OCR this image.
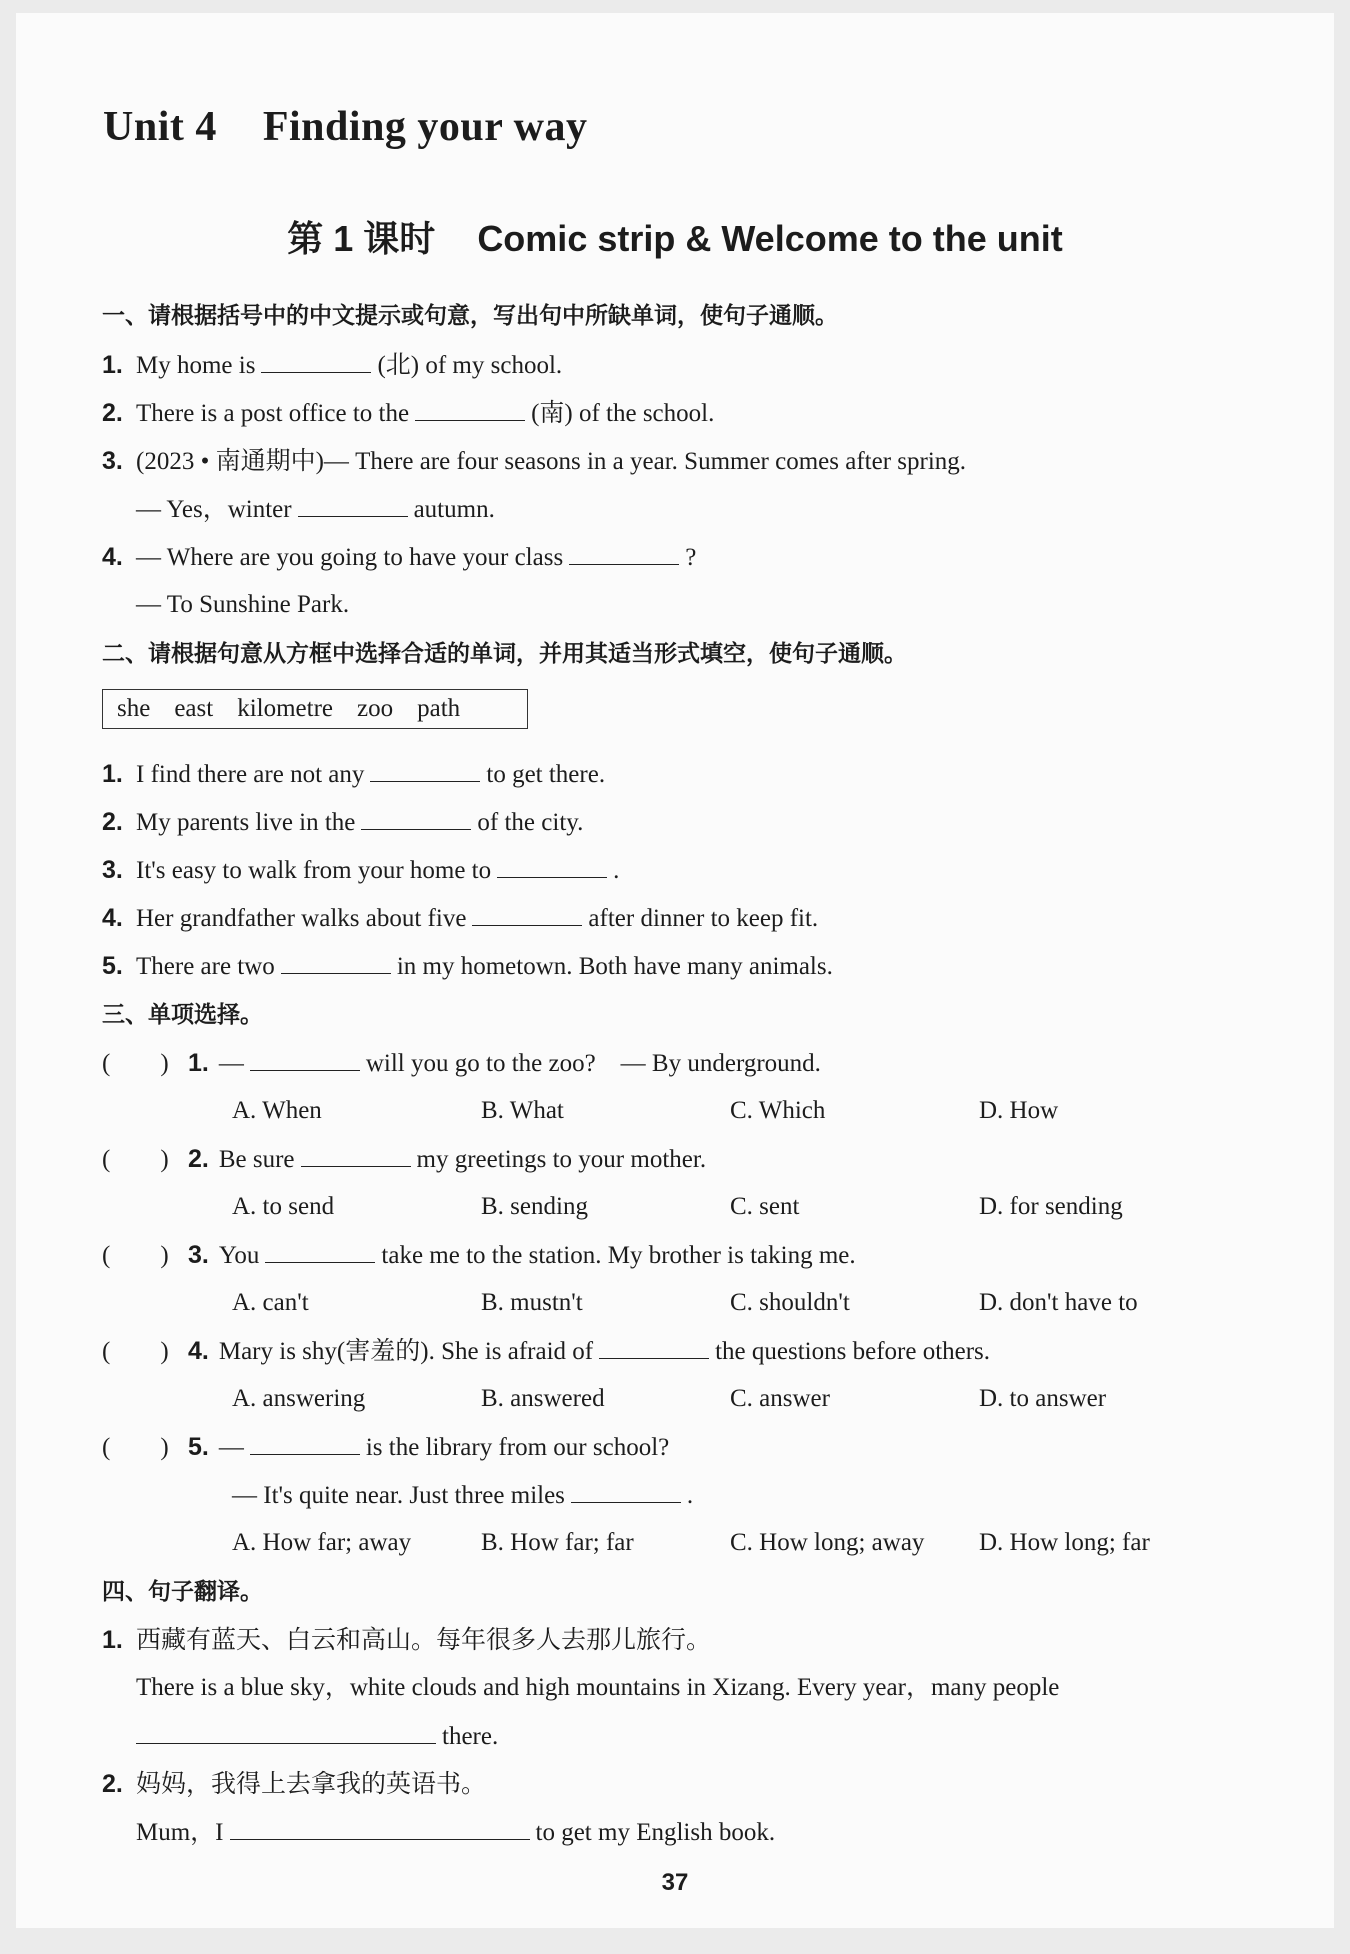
Unit 4 Finding your way
第 1 课时 Comic strip & Welcome to the unit
一、请根据括号中的中文提示或句意，写出句中所缺单词，使句子通顺。
1. My home is	(北) of my school.
2. There is a post office to the	(南) of the school.
3. (2023 • 南通期中)— There are four seasons in a year. Summer comes after spring.
— Yes，winter	autumn.
4. — Where are you going to have your class	?
— To Sunshine Park.
二、请根据句意从方框中选择合适的单词，并用其适当形式填空，使句子通顺。
she east kilometre zoo path
1. I find there are not any	to get there.
2. My parents live in the	of the city.
3. It's easy to walk from your home to	.
4. Her grandfather walks about five	after dinner to keep fit.
5. There are two	in my hometown. Both have many animals.
三、单项选择。
(　　) 1. —	will you go to the zoo?　— By underground.
A. When	B. What	C. Which	D. How
(　　) 2. Be sure	my greetings to your mother.
A. to send	B. sending	C. sent	D. for sending
(　　) 3. You	take me to the station. My brother is taking me.
A. can't	B. mustn't	C. shouldn't	D. don't have to
(　　) 4. Mary is shy(害羞的). She is afraid of	the questions before others.
A. answering	B. answered	C. answer	D. to answer
(　　) 5. —	is the library from our school?
— It's quite near. Just three miles	.
A. How far; away	B. How far; far	C. How long; away D. How long; far
四、句子翻译。
1. 西藏有蓝天、白云和高山。每年很多人去那儿旅行。
There is a blue sky，white clouds and high mountains in Xizang. Every year，many people
there.
2. 妈妈，我得上去拿我的英语书。
Mum，I	to get my English book.
37
